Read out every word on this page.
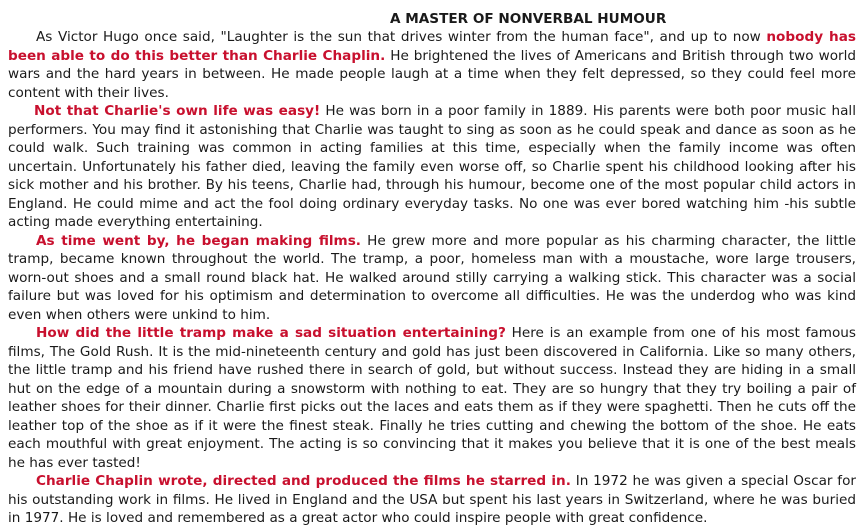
A MASTER OF NONVERBAL HUMOUR

As Victor Hugo once said, "Laughter is the sun that drives winter from the human face", and up to now nobody has been able to do this better than Charlie Chaplin. He brightened the lives of Americans and British through two world wars and the hard years in between. He made people laugh at a time when they felt depressed, so they could feel more content with their lives.

Not that Charlie's own life was easy! He was born in a poor family in 1889. His parents were both poor music hall performers. You may find it astonishing that Charlie was taught to sing as soon as he could speak and dance as soon as he could walk. Such training was common in acting families at this time, especially when the family income was often uncertain. Unfortunately his father died, leaving the family even worse off, so Charlie spent his childhood looking after his sick mother and his brother. By his teens, Charlie had, through his humour, become one of the most popular child actors in England. He could mime and act the fool doing ordinary everyday tasks. No one was ever bored watching him -his subtle acting made everything entertaining.

As time went by, he began making films. He grew more and more popular as his charming character, the little tramp, became known throughout the world. The tramp, a poor, homeless man with a moustache, wore large trousers, worn-out shoes and a small round black hat. He walked around stilly carrying a walking stick. This character was a social failure but was loved for his optimism and determination to overcome all difficulties. He was the underdog who was kind even when others were unkind to him.

How did the little tramp make a sad situation entertaining? Here is an example from one of his most famous films, The Gold Rush. It is the mid-nineteenth century and gold has just been discovered in California. Like so many others, the little tramp and his friend have rushed there in search of gold, but without success. Instead they are hiding in a small hut on the edge of a mountain during a snowstorm with nothing to eat. They are so hungry that they try boiling a pair of leather shoes for their dinner. Charlie first picks out the laces and eats them as if they were spaghetti. Then he cuts off the leather top of the shoe as if it were the finest steak. Finally he tries cutting and chewing the bottom of the shoe. He eats each mouthful with great enjoyment. The acting is so convincing that it makes you believe that it is one of the best meals he has ever tasted!

Charlie Chaplin wrote, directed and produced the films he starred in. In 1972 he was given a special Oscar for his outstanding work in films. He lived in England and the USA but spent his last years in Switzerland, where he was buried in 1977. He is loved and remembered as a great actor who could inspire people with great confidence.
